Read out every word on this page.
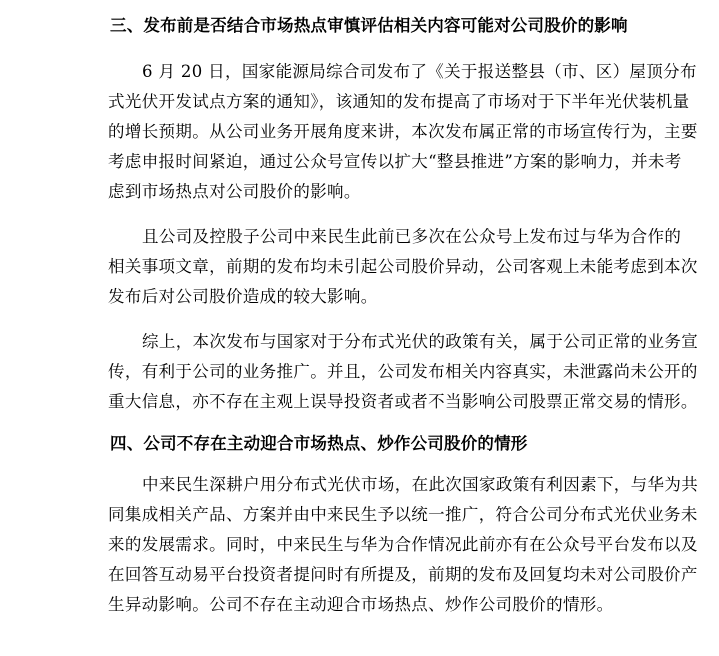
三、发布前是否结合市场热点审慎评估相关内容可能对公司股价的影响
6 月 20 日，国家能源局综合司发布了《关于报送整县（市、区）屋顶分布
式光伏开发试点方案的通知》，该通知的发布提高了市场对于下半年光伏装机量
的增长预期。从公司业务开展角度来讲，本次发布属正常的市场宣传行为，主要
考虑申报时间紧迫，通过公众号宣传以扩大“整县推进”方案的影响力，并未考
虑到市场热点对公司股价的影响。
且公司及控股子公司中来民生此前已多次在公众号上发布过与华为合作的
相关事项文章，前期的发布均未引起公司股价异动，公司客观上未能考虑到本次
发布后对公司股价造成的较大影响。
综上，本次发布与国家对于分布式光伏的政策有关，属于公司正常的业务宣
传，有利于公司的业务推广。并且，公司发布相关内容真实，未泄露尚未公开的
重大信息，亦不存在主观上误导投资者或者不当影响公司股票正常交易的情形。
四、公司不存在主动迎合市场热点、炒作公司股价的情形
中来民生深耕户用分布式光伏市场，在此次国家政策有利因素下，与华为共
同集成相关产品、方案并由中来民生予以统一推广，符合公司分布式光伏业务未
来的发展需求。同时，中来民生与华为合作情况此前亦有在公众号平台发布以及
在回答互动易平台投资者提问时有所提及，前期的发布及回复均未对公司股价产
生异动影响。公司不存在主动迎合市场热点、炒作公司股价的情形。
